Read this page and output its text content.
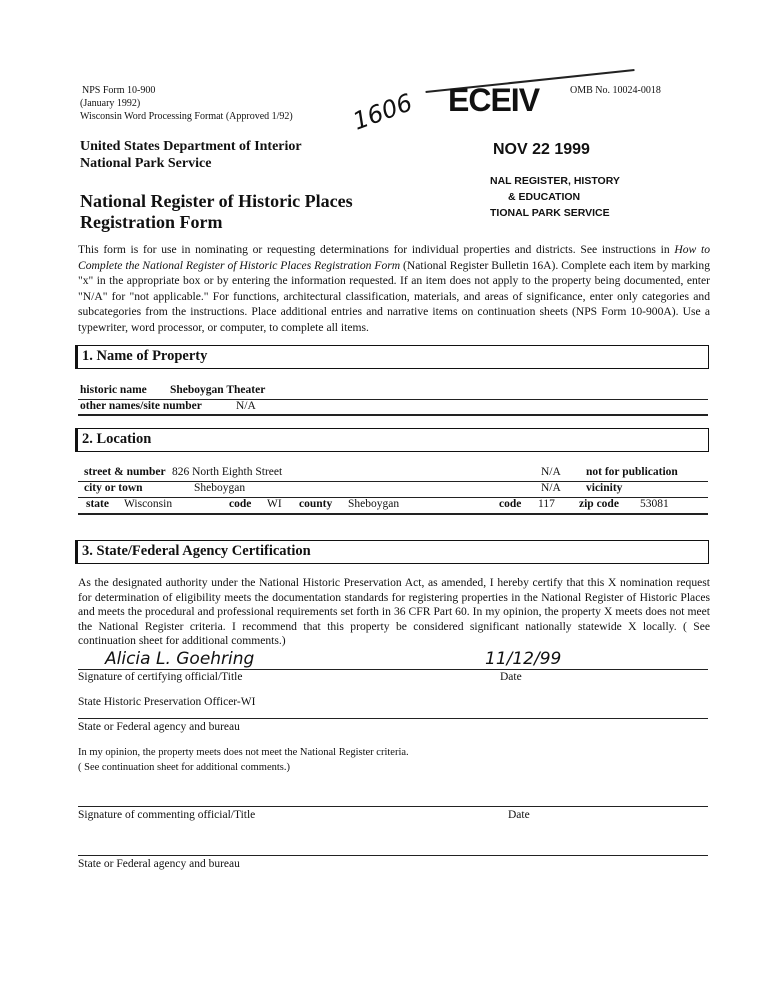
NPS Form 10-900
(January 1992)
Wisconsin Word Processing Format (Approved 1/92) 1606 ECEIV
NOV 22 1999
NAL REGISTER, HISTORY
& EDUCATION
TIONAL PARK SERVICE
OMB No. 10024-0018
United States Department of Interior
National Park Service
National Register of Historic Places
Registration Form
This form is for use in nominating or requesting determinations for individual properties and districts. See instructions in How to Complete the National Register of Historic Places Registration Form (National Register Bulletin 16A). Complete each item by marking "x" in the appropriate box or by entering the information requested. If an item does not apply to the property being documented, enter "N/A" for "not applicable." For functions, architectural classification, materials, and areas of significance, enter only categories and subcategories from the instructions. Place additional entries and narrative items on continuation sheets (NPS Form 10-900A). Use a typewriter, word processor, or computer, to complete all items.
1. Name of Property
historic name Sheboygan Theater
other names/site number	N/A
2. Location
street & number 826 North Eighth Street	N/A not for publication
city or town	Sheboygan	N/A vicinity
state Wisconsin	code WI county Sheboygan	code 117 zip code 53081
3. State/Federal Agency Certification
As the designated authority under the National Historic Preservation Act, as amended, I hereby certify that this X nomination request for determination of eligibility meets the documentation standards for registering properties in the National Register of Historic Places and meets the procedural and professional requirements set forth in 36 CFR Part 60. In my opinion, the property X meets does not meet the National Register criteria. I recommend that this property be considered significant nationally statewide X locally. ( See continuation sheet for additional comments.)
Alicia L. Goehring	11/12/99
Signature of certifying official/Title	Date
State Historic Preservation Officer-WI
State or Federal agency and bureau
In my opinion, the property meets does not meet the National Register criteria.
( See continuation sheet for additional comments.)
Signature of commenting official/Title	Date
State or Federal agency and bureau
